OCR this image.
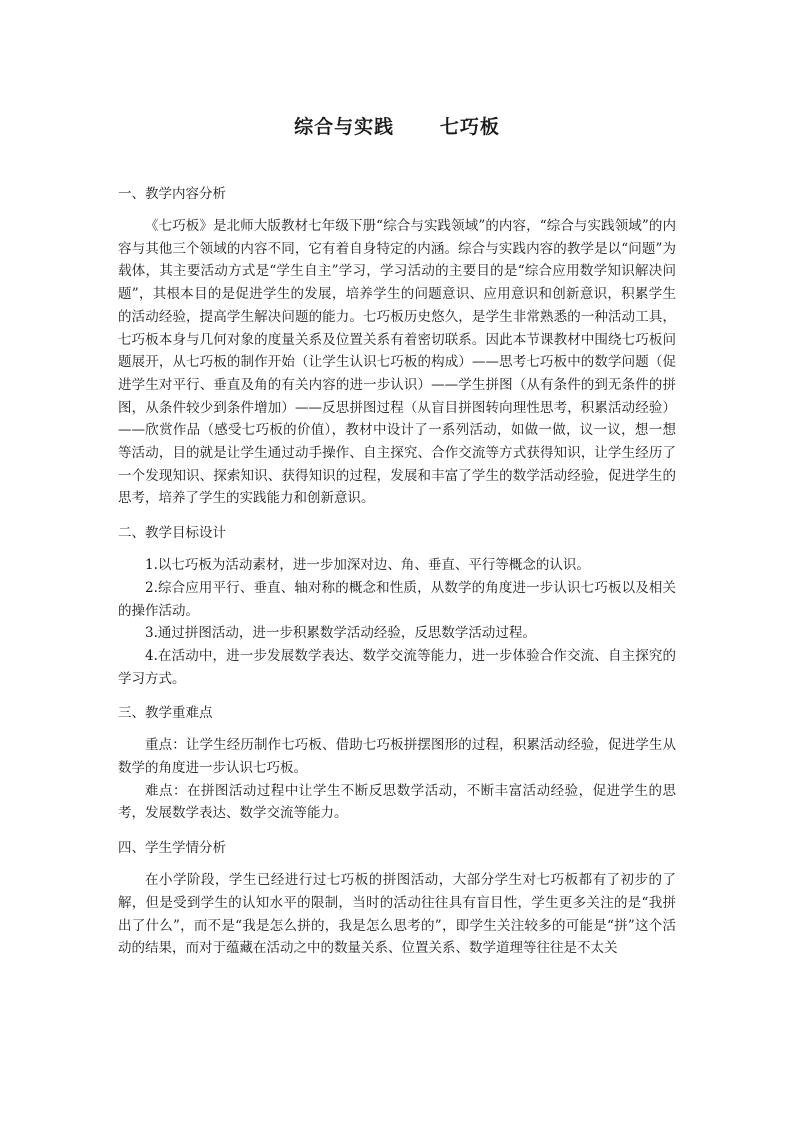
综合与实践      七巧板
一、教学内容分析
《七巧板》是北师大版教材七年级下册“综合与实践领域”的内容，“综合与实践领域”的内容与其他三个领域的内容不同，它有着自身特定的内涵。综合与实践内容的教学是以“问题”为载体，其主要活动方式是“学生自主”学习，学习活动的主要目的是“综合应用数学知识解决问题”，其根本目的是促进学生的发展，培养学生的问题意识、应用意识和创新意识，积累学生的活动经验，提高学生解决问题的能力。七巧板历史悠久，是学生非常熟悉的一种活动工具，七巧板本身与几何对象的度量关系及位置关系有着密切联系。因此本节课教材中围绕七巧板问题展开，从七巧板的制作开始（让学生认识七巧板的构成）——思考七巧板中的数学问题（促进学生对平行、垂直及角的有关内容的进一步认识）——学生拼图（从有条件的到无条件的拼图，从条件较少到条件增加）——反思拼图过程（从盲目拼图转向理性思考，积累活动经验）——欣赏作品（感受七巧板的价值），教材中设计了一系列活动，如做一做，议一议，想一想等活动，目的就是让学生通过动手操作、自主探究、合作交流等方式获得知识，让学生经历了一个发现知识、探索知识、获得知识的过程，发展和丰富了学生的数学活动经验，促进学生的思考，培养了学生的实践能力和创新意识。
二、教学目标设计
1.以七巧板为活动素材，进一步加深对边、角、垂直、平行等概念的认识。
2.综合应用平行、垂直、轴对称的概念和性质，从数学的角度进一步认识七巧板以及相关的操作活动。
3.通过拼图活动，进一步积累数学活动经验，反思数学活动过程。
4.在活动中，进一步发展数学表达、数学交流等能力，进一步体验合作交流、自主探究的学习方式。
三、教学重难点
重点：让学生经历制作七巧板、借助七巧板拼摆图形的过程，积累活动经验，促进学生从数学的角度进一步认识七巧板。
难点：在拼图活动过程中让学生不断反思数学活动，不断丰富活动经验，促进学生的思考，发展数学表达、数学交流等能力。
四、学生学情分析
在小学阶段，学生已经进行过七巧板的拼图活动，大部分学生对七巧板都有了初步的了解，但是受到学生的认知水平的限制，当时的活动往往具有盲目性，学生更多关注的是“我拼出了什么”，而不是“我是怎么拼的，我是怎么思考的”，即学生关注较多的可能是“拼”这个活动的结果，而对于蕴藏在活动之中的数量关系、位置关系、数学道理等往往是不太关
